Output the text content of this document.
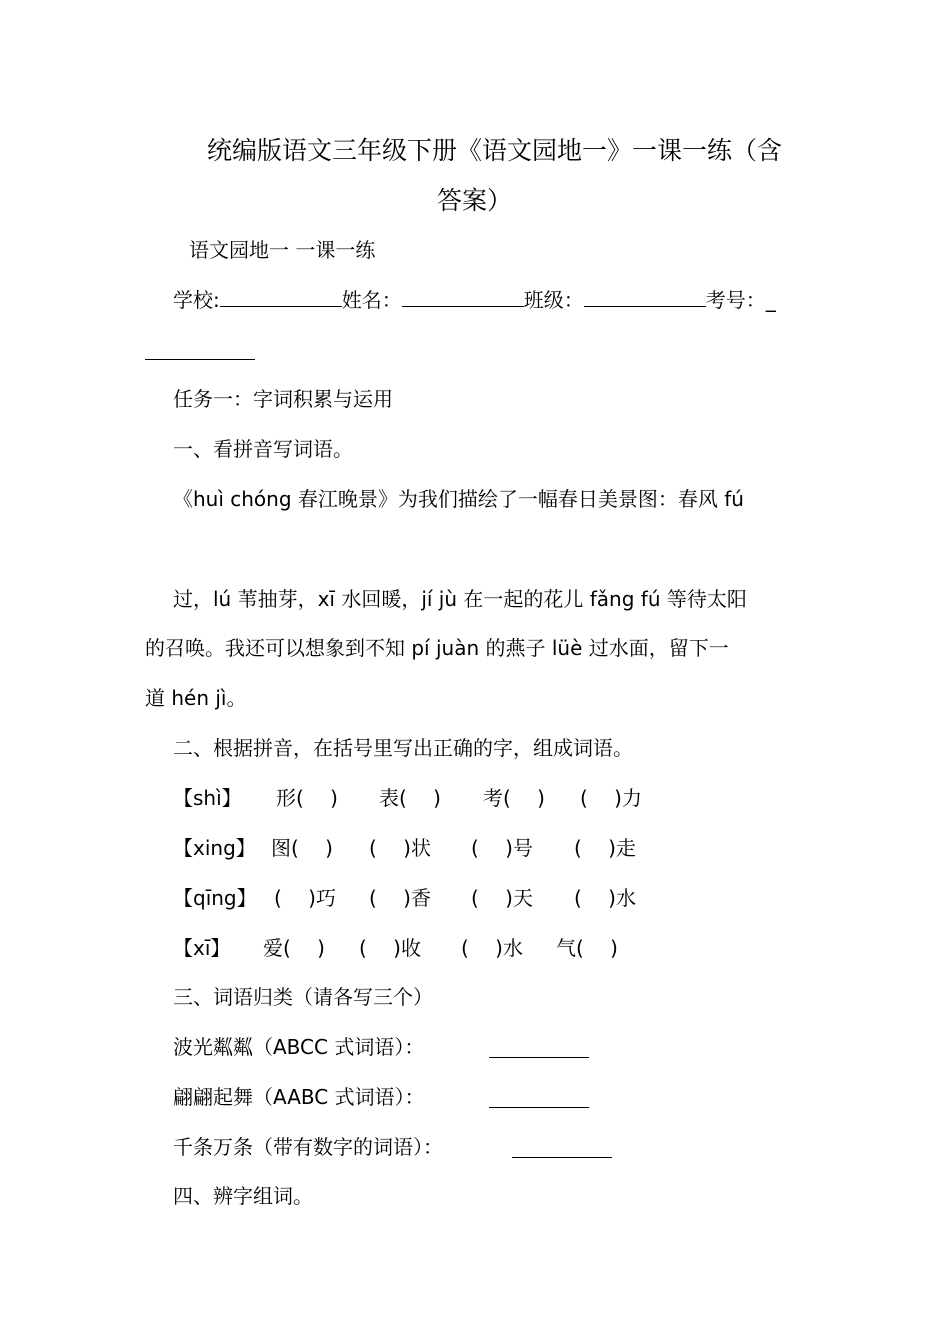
统编版语文三年级下册《语文园地一》一课一练（含
答案）
语文园地一 一课一练
学校:	姓名：	班级：	考号：_
任务一：字词积累与运用
一、看拼音写词语。
《huì chóng 春江晚景》为我们描绘了一幅春日美景图：春风 fú
过，lú 苇抽芽，xī 水回暖，jí jù 在一起的花儿 fǎng fú 等待太阳
的召唤。我还可以想象到不知 pí juàn 的燕子 lüè 过水面，留下一
道 hén jì。
二、根据拼音，在括号里写出正确的字，组成词语。
【shì】 形(　 ) 表(　 ) 考(　 ) (　 )力
【xing】 图(　 ) (　 )状 (　 )号 (　 )走
【qīng】 (　 )巧 (　 )香 (　 )天 (　 )水
【xī】 爱(　 ) (　 )收 (　 )水 气(　 )
三、词语归类（请各写三个）
波光粼粼（ABCC 式词语）：
翩翩起舞（AABC 式词语）：
千条万条（带有数字的词语）：
四、辨字组词。
